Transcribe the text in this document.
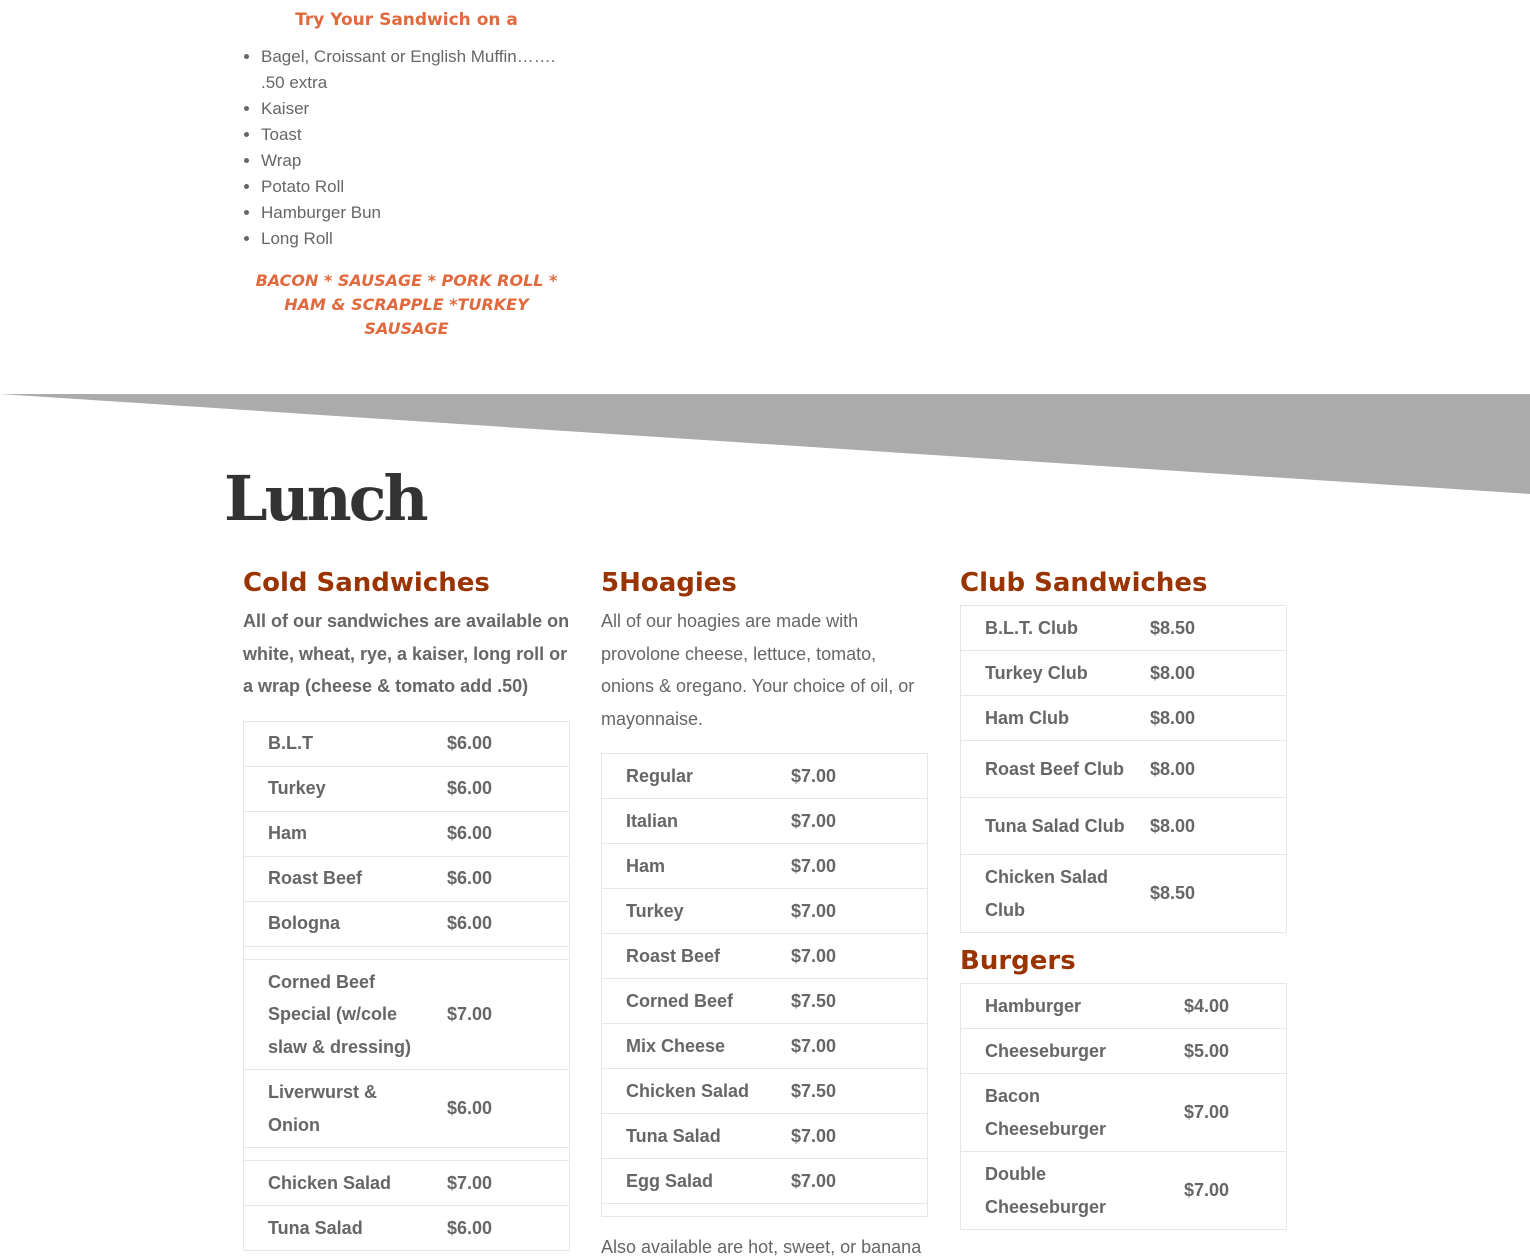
Try Your Sandwich on a
• Bagel, Croissant or English Muffin……. .50 extra
• Kaiser
• Toast
• Wrap
• Potato Roll
• Hamburger Bun
• Long Roll
BACON * SAUSAGE * PORK ROLL *
HAM & SCRAPPLE *TURKEY SAUSAGE
Lunch
Cold Sandwiches

All of our sandwiches are available on white, wheat, rye, a kaiser, long roll or a wrap (cheese & tomato add .50)

B.L.T	$6.00
Turkey	$6.00
Ham	$6.00
Roast Beef	$6.00
Bologna	$6.00

Corned Beef Special (w/cole slaw & dressing)	$7.00
Liverwurst & Onion	$6.00

Chicken Salad	$7.00
Tuna Salad	$6.00
5Hoagies

All of our hoagies are made with provolone cheese, lettuce, tomato, onions & oregano. Your choice of oil, or mayonnaise.

Regular	$7.00
Italian	$7.00
Ham	$7.00
Turkey	$7.00
Roast Beef	$7.00
Corned Beef	$7.50
Mix Cheese	$7.00
Chicken Salad	$7.50
Tuna Salad	$7.00
Egg Salad	$7.00

Also available are hot, sweet, or banana
Club Sandwiches
B.L.T. Club	$8.50
Turkey Club	$8.00
Ham Club	$8.00
Roast Beef Club	$8.00
Tuna Salad Club	$8.00
Chicken Salad Club	$8.50
Burgers
Hamburger	$4.00
Cheeseburger	$5.00
Bacon Cheeseburger	$7.00
Double Cheeseburger	$7.00
